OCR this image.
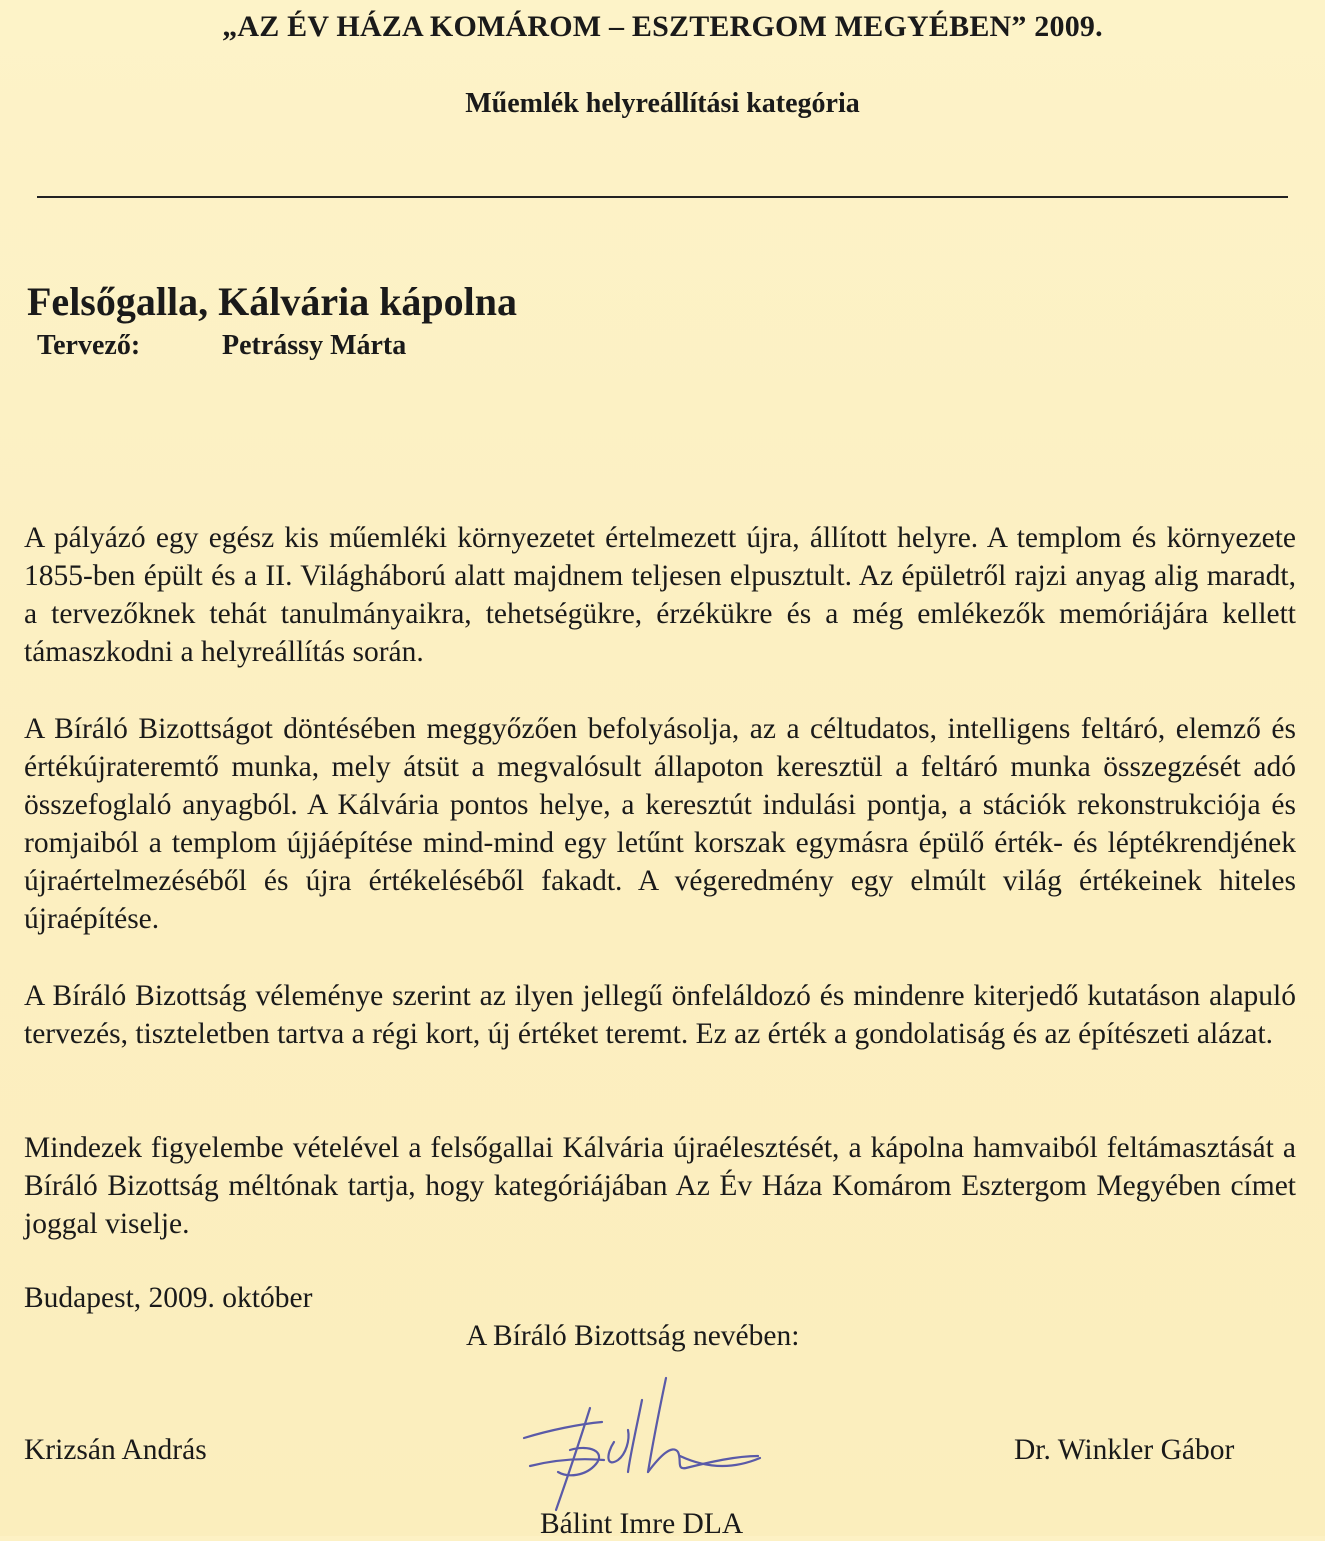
„AZ ÉV HÁZA KOMÁROM – ESZTERGOM MEGYÉBEN” 2009.
Műemlék helyreállítási kategória
Felsőgalla, Kálvária kápolna
Tervező:	Petrássy Márta
A pályázó egy egész kis műemléki környezetet értelmezett újra, állított helyre. A templom és környezete 1855-ben épült és a II. Világháború alatt majdnem teljesen elpusztult. Az épületről rajzi anyag alig maradt, a tervezőknek tehát tanulmányaikra, tehetségükre, érzékükre és a még emlékezők memóriájára kellett támaszkodni a helyreállítás során.
A Bíráló Bizottságot döntésében meggyőzően befolyásolja, az a céltudatos, intelligens feltáró, elemző és értékújrateremtő munka, mely átsüt a megvalósult állapoton keresztül a feltáró munka összegzését adó összefoglaló anyagból. A Kálvária pontos helye, a keresztút indulási pontja, a stációk rekonstrukciója és romjaiból a templom újjáépítése mind-mind egy letűnt korszak egymásra épülő érték- és léptékrendjének újraértelmezéséből és újra értékeléséből fakadt. A végeredmény egy elmúlt világ értékeinek hiteles újraépítése.
A Bíráló Bizottság véleménye szerint az ilyen jellegű önfeláldozó és mindenre kiterjedő kutatáson alapuló tervezés, tiszteletben tartva a régi kort, új értéket teremt. Ez az érték a gondolatiság és az építészeti alázat.
Mindezek figyelembe vételével a felsőgallai Kálvária újraélesztését, a kápolna hamvaiból feltámasztását a Bíráló Bizottság méltónak tartja, hogy kategóriájában Az Év Háza Komárom Esztergom Megyében címet joggal viselje.
Budapest, 2009. október
A Bíráló Bizottság nevében:
Krizsán András	Dr. Winkler Gábor
Bálint Imre DLA
